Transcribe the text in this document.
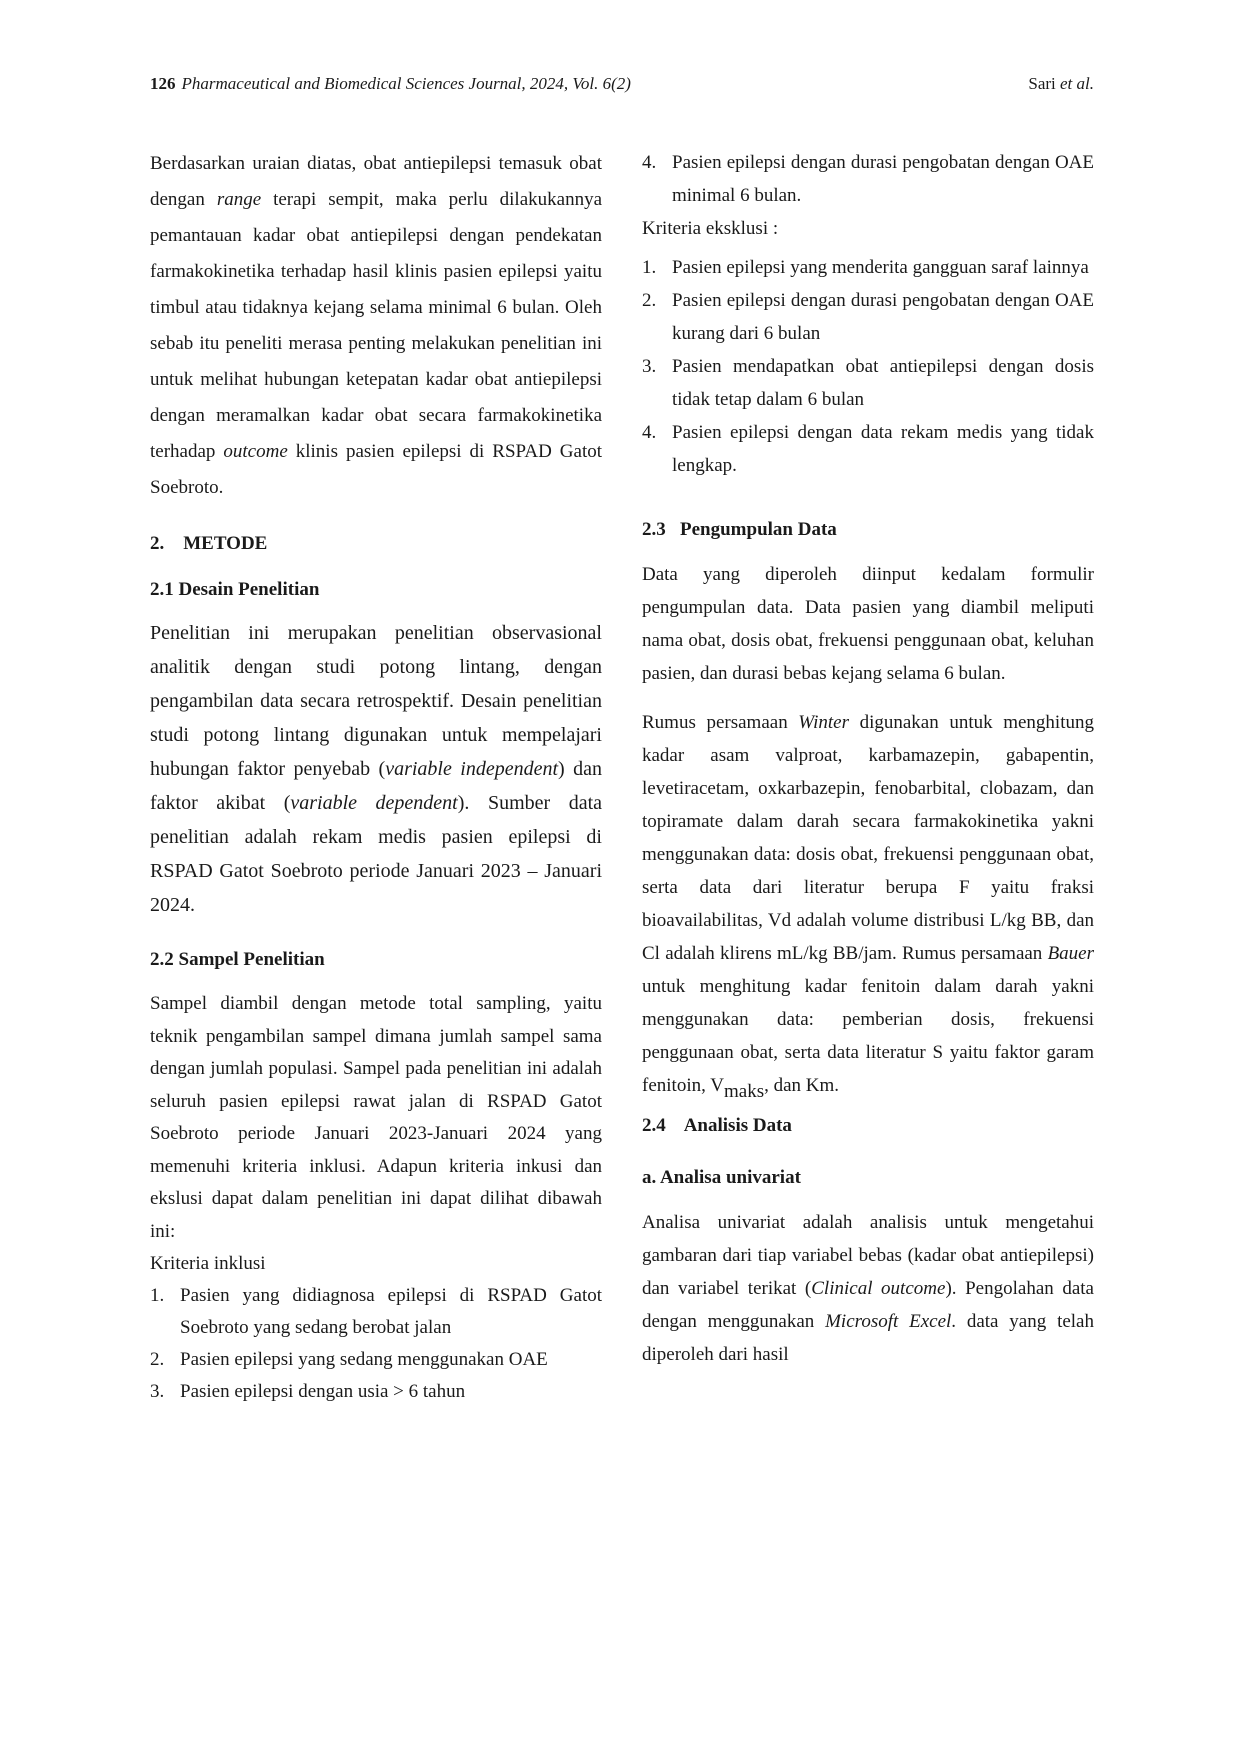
126 Pharmaceutical and Biomedical Sciences Journal, 2024, Vol. 6(2)	Sari et al.

Berdasarkan uraian diatas, obat antiepilepsi temasuk obat dengan range terapi sempit, maka perlu dilakukannya pemantauan kadar obat antiepilepsi dengan pendekatan farmakokinetika terhadap hasil klinis pasien epilepsi yaitu timbul atau tidaknya kejang selama minimal 6 bulan. Oleh sebab itu peneliti merasa penting melakukan penelitian ini untuk melihat hubungan ketepatan kadar obat antiepilepsi dengan meramalkan kadar obat secara farmakokinetika terhadap outcome klinis pasien epilepsi di RSPAD Gatot Soebroto.

2.    METODE
2.1 Desain Penelitian

Penelitian ini merupakan penelitian observasional analitik dengan studi potong lintang, dengan pengambilan data secara retrospektif. Desain penelitian studi potong lintang digunakan untuk mempelajari hubungan faktor penyebab (variable independent) dan faktor akibat (variable dependent). Sumber data penelitian adalah rekam medis pasien epilepsi di RSPAD Gatot Soebroto periode Januari 2023 – Januari 2024.

2.2 Sampel Penelitian

Sampel diambil dengan metode total sampling, yaitu teknik pengambilan sampel dimana jumlah sampel sama dengan jumlah populasi. Sampel pada penelitian ini adalah seluruh pasien epilepsi rawat jalan di RSPAD Gatot Soebroto periode Januari 2023-Januari 2024 yang memenuhi kriteria inklusi. Adapun kriteria inkusi dan ekslusi dapat dalam penelitian ini dapat dilihat dibawah ini:

Kriteria inklusi
1. Pasien yang didiagnosa epilepsi di RSPAD Gatot Soebroto yang sedang berobat jalan
2. Pasien epilepsi yang sedang menggunakan OAE
3. Pasien epilepsi dengan usia > 6 tahun
4. Pasien epilepsi dengan durasi pengobatan dengan OAE minimal 6 bulan.
Kriteria eksklusi :
1. Pasien epilepsi yang menderita gangguan saraf lainnya
2. Pasien epilepsi dengan durasi pengobatan dengan OAE kurang dari 6 bulan
3. Pasien mendapatkan obat antiepilepsi dengan dosis tidak tetap dalam 6 bulan
4. Pasien epilepsi dengan data rekam medis yang tidak lengkap.
2.3   Pengumpulan Data

Data yang diperoleh diinput kedalam formulir pengumpulan data. Data pasien yang diambil meliputi nama obat, dosis obat, frekuensi penggunaan obat, keluhan pasien, dan durasi bebas kejang selama 6 bulan.

Rumus persamaan Winter digunakan untuk menghitung kadar asam valproat, karbamazepin, gabapentin, levetiracetam, oxkarbazepin, fenobarbital, clobazam, dan topiramate dalam darah secara farmakokinetika yakni menggunakan data: dosis obat, frekuensi penggunaan obat, serta data dari literatur berupa F yaitu fraksi bioavailabilitas, Vd adalah volume distribusi L/kg BB, dan Cl adalah klirens mL/kg BB/jam. Rumus persamaan Bauer untuk menghitung kadar fenitoin dalam darah yakni menggunakan data: pemberian dosis, frekuensi penggunaan obat, serta data literatur S yaitu faktor garam fenitoin, Vmaks, dan Km.

2.4    Analisis Data
a. Analisa univariat

Analisa univariat adalah analisis untuk mengetahui gambaran dari tiap variabel bebas (kadar obat antiepilepsi) dan variabel terikat (Clinical outcome). Pengolahan data dengan menggunakan Microsoft Excel. data yang telah diperoleh dari hasil
